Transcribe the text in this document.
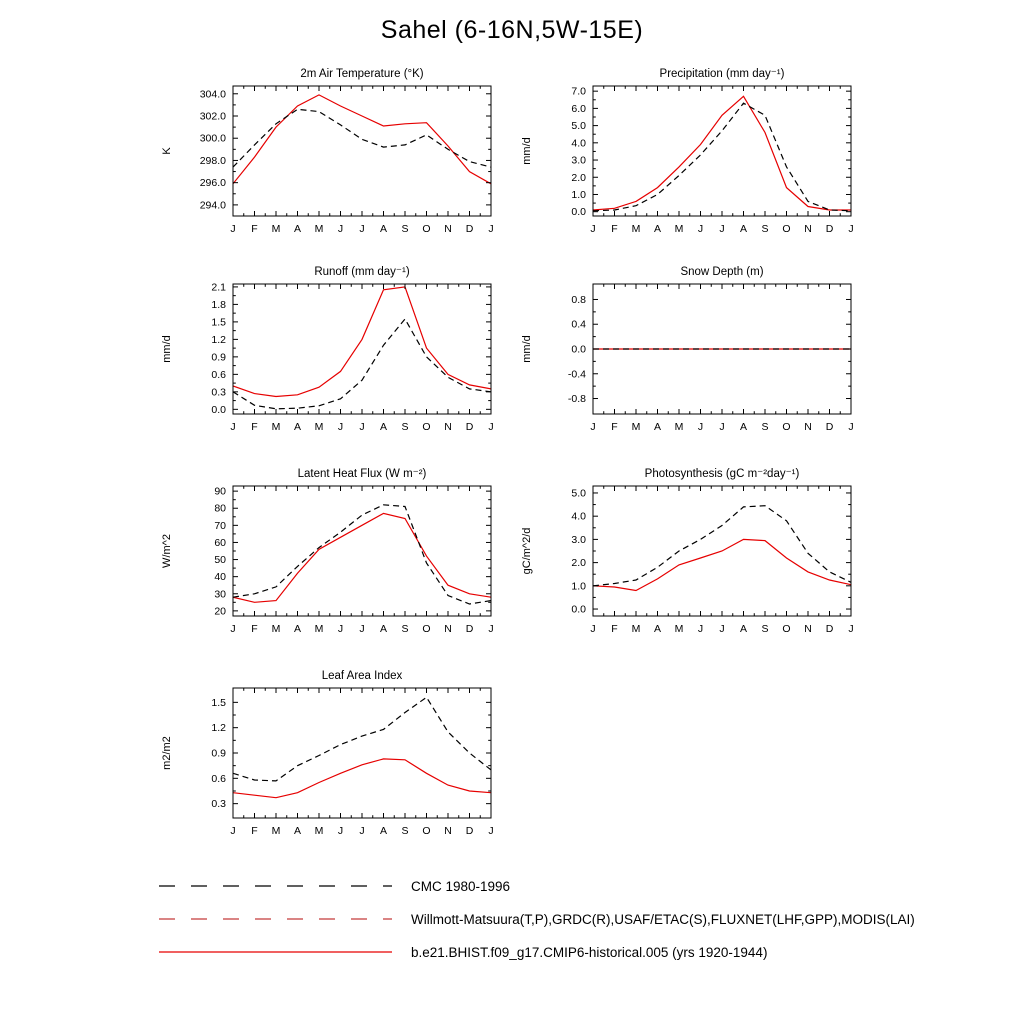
Sahel (6-16N,5W-15E)
J F M A M J J A S O N D J
294.0
296.0
298.0
300.0
302.0
304.0
2m Air Temperature (°K)
K
J F M A M J J A S O N D J
0.0
1.0
2.0
3.0
4.0
5.0
6.0
7.0
Precipitation (mm day⁻¹)
mm/d
J F M A M J J A S O N D J
0.0
0.3
0.6
0.9
1.2
1.5
1.8
2.1
Runoff (mm day⁻¹)
mm/d
J F M A M J J A S O N D J
-0.8
-0.4
0.0
0.4
0.8
Snow Depth (m)
mm/d
J F M A M J J A S O N D J
20
30
40
50
60
70
80
90
Latent Heat Flux (W m⁻²)
W/m^2
J F M A M J J A S O N D J
0.0
1.0
2.0
3.0
4.0
5.0
Photosynthesis (gC m⁻²day⁻¹)
gC/m^2/d
J F M A M J J A S O N D J
0.3
0.6
0.9
1.2
1.5
Leaf Area Index
m2/m2
CMC 1980-1996
Willmott-Matsuura(T,P),GRDC(R),USAF/ETAC(S),FLUXNET(LHF,GPP),MODIS(LAI)
b.e21.BHIST.f09_g17.CMIP6-historical.005 (yrs 1920-1944)
